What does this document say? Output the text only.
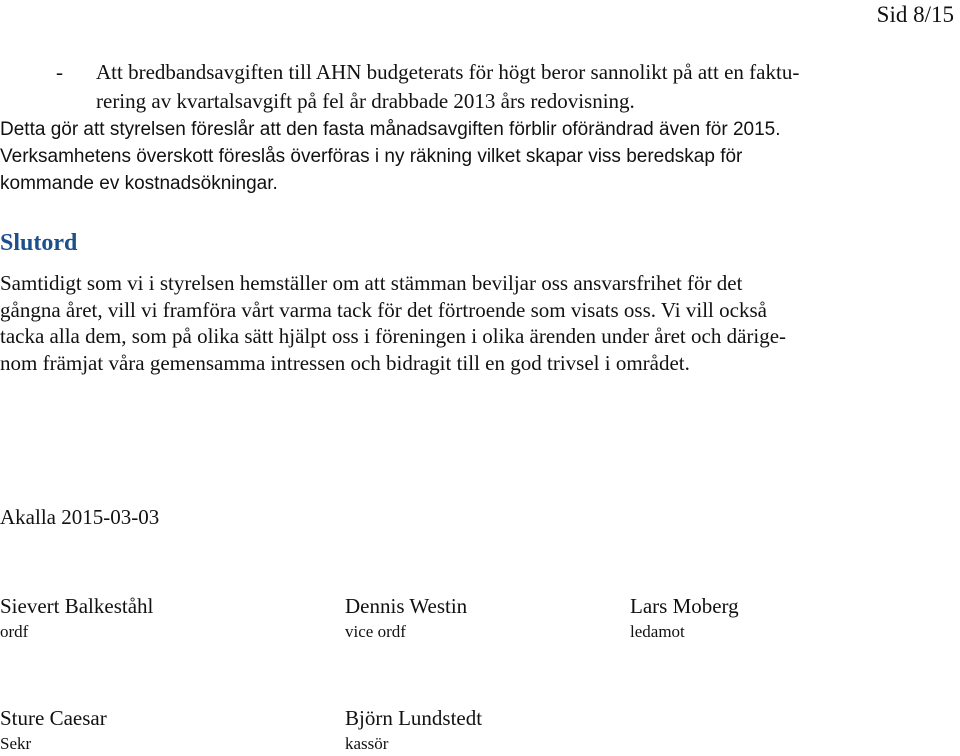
Sid 8/15
-	Att bredbandsavgiften till AHN budgeterats för högt beror sannolikt på att en faktu-
rering av kvartalsavgift på fel år drabbade 2013 års redovisning.
Detta gör att styrelsen föreslår att den fasta månadsavgiften förblir oförändrad även för 2015.
Verksamhetens överskott föreslås överföras i ny räkning vilket skapar viss beredskap för
kommande ev kostnadsökningar.
Slutord
Samtidigt som vi i styrelsen hemställer om att stämman beviljar oss ansvarsfrihet för det
gångna året, vill vi framföra vårt varma tack för det förtroende som visats oss. Vi vill också
tacka alla dem, som på olika sätt hjälpt oss i föreningen i olika ärenden under året och därige-
nom främjat våra gemensamma intressen och bidragit till en god trivsel i området.
Akalla 2015-03-03
Sievert Balkeståhl
ordf
Dennis Westin
vice ordf
Lars Moberg
ledamot
Sture Caesar
Sekr
Björn Lundstedt
kassör
